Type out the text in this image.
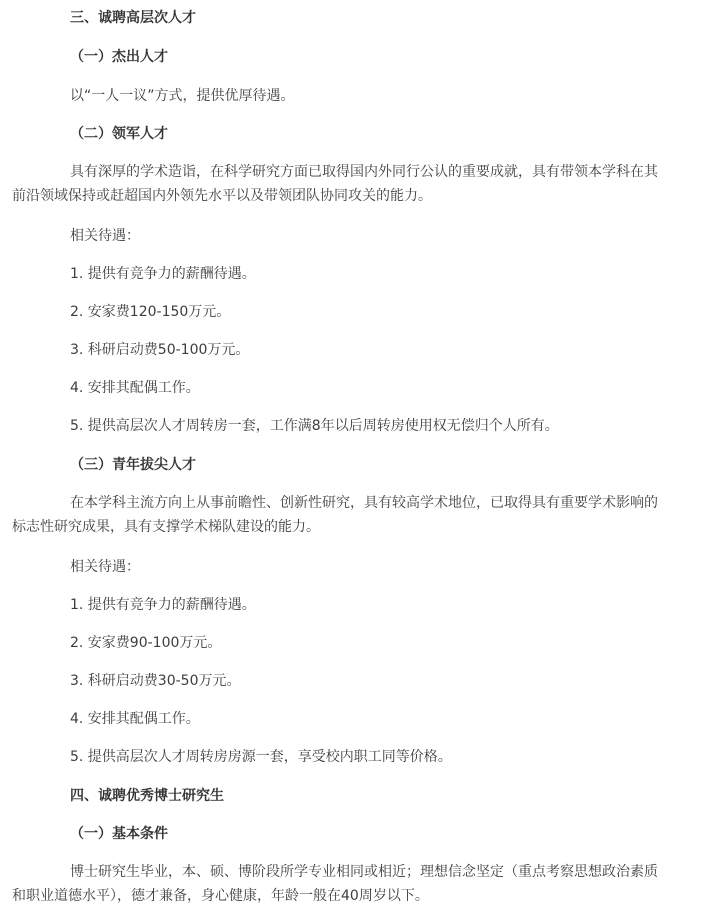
三、诚聘高层次人才
（一）杰出人才
以“一人一议”方式，提供优厚待遇。
（二）领军人才
具有深厚的学术造诣，在科学研究方面已取得国内外同行公认的重要成就，具有带领本学科在其
前沿领域保持或赶超国内外领先水平以及带领团队协同攻关的能力。
相关待遇：
1. 提供有竞争力的薪酬待遇。
2. 安家费120-150万元。
3. 科研启动费50-100万元。
4. 安排其配偶工作。
5. 提供高层次人才周转房一套，工作满8年以后周转房使用权无偿归个人所有。
（三）青年拔尖人才
在本学科主流方向上从事前瞻性、创新性研究，具有较高学术地位，已取得具有重要学术影响的
标志性研究成果，具有支撑学术梯队建设的能力。
相关待遇：
1. 提供有竞争力的薪酬待遇。
2. 安家费90-100万元。
3. 科研启动费30-50万元。
4. 安排其配偶工作。
5. 提供高层次人才周转房房源一套，享受校内职工同等价格。
四、诚聘优秀博士研究生
（一）基本条件
博士研究生毕业，本、硕、博阶段所学专业相同或相近；理想信念坚定（重点考察思想政治素质
和职业道德水平），德才兼备，身心健康，年龄一般在40周岁以下。
